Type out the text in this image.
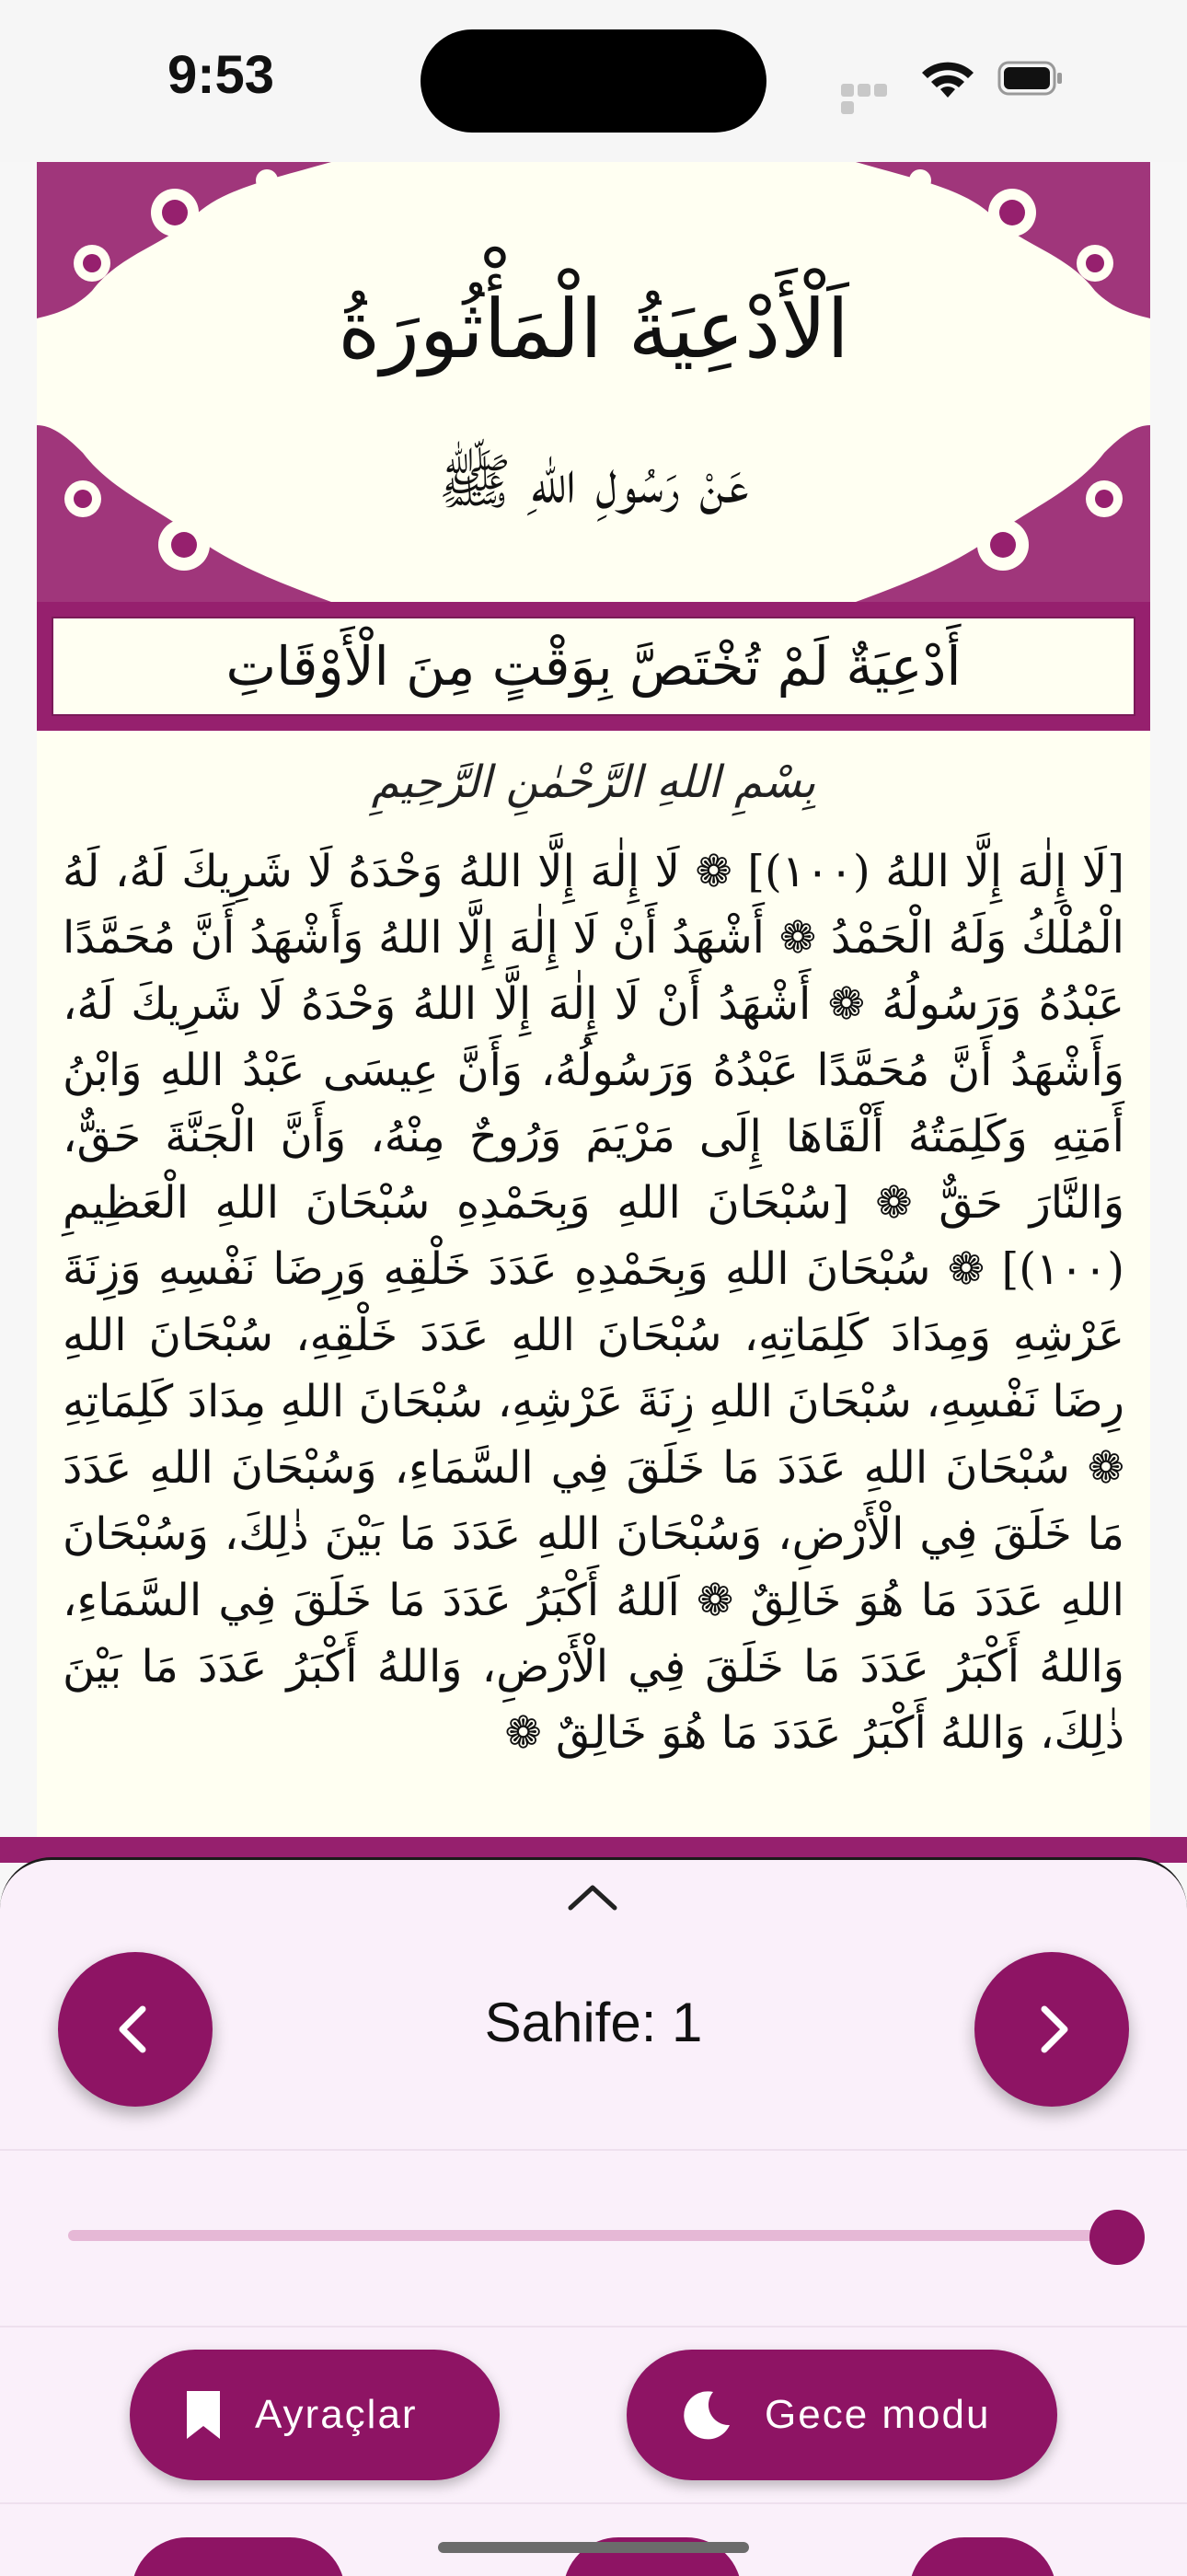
9:53
اَلْأَدْعِيَةُ الْمَأْثُورَةُ
عَنْ رَسُولِ اللهِ ﷺ
أَدْعِيَةٌ لَمْ تُخْتَصَّ بِوَقْتٍ مِنَ الْأَوْقَاتِ
بِسْمِ اللهِ الرَّحْمٰنِ الرَّحِيمِ
[لَا إِلٰهَ إِلَّا اللهُ (١٠٠)] ❁ لَا إِلٰهَ إِلَّا اللهُ وَحْدَهُ لَا شَرِيكَ لَهُ، لَهُ الْمُلْكُ وَلَهُ الْحَمْدُ ❁ أَشْهَدُ أَنْ لَا إِلٰهَ إِلَّا اللهُ وَأَشْهَدُ أَنَّ مُحَمَّدًا عَبْدُهُ وَرَسُولُهُ ❁ أَشْهَدُ أَنْ لَا إِلٰهَ إِلَّا اللهُ وَحْدَهُ لَا شَرِيكَ لَهُ، وَأَشْهَدُ أَنَّ مُحَمَّدًا عَبْدُهُ وَرَسُولُهُ، وَأَنَّ عِيسَى عَبْدُ اللهِ وَابْنُ أَمَتِهِ وَكَلِمَتُهُ أَلْقَاهَا إِلَى مَرْيَمَ وَرُوحٌ مِنْهُ، وَأَنَّ الْجَنَّةَ حَقٌّ، وَالنَّارَ حَقٌّ ❁ [سُبْحَانَ اللهِ وَبِحَمْدِهِ سُبْحَانَ اللهِ الْعَظِيمِ (١٠٠)] ❁ سُبْحَانَ اللهِ وَبِحَمْدِهِ عَدَدَ خَلْقِهِ وَرِضَا نَفْسِهِ وَزِنَةَ عَرْشِهِ وَمِدَادَ كَلِمَاتِهِ، سُبْحَانَ اللهِ عَدَدَ خَلْقِهِ، سُبْحَانَ اللهِ رِضَا نَفْسِهِ، سُبْحَانَ اللهِ زِنَةَ عَرْشِهِ، سُبْحَانَ اللهِ مِدَادَ كَلِمَاتِهِ ❁ سُبْحَانَ اللهِ عَدَدَ مَا خَلَقَ فِي السَّمَاءِ، وَسُبْحَانَ اللهِ عَدَدَ مَا خَلَقَ فِي الْأَرْضِ، وَسُبْحَانَ اللهِ عَدَدَ مَا بَيْنَ ذٰلِكَ، وَسُبْحَانَ اللهِ عَدَدَ مَا هُوَ خَالِقٌ ❁ اَللهُ أَكْبَرُ عَدَدَ مَا خَلَقَ فِي السَّمَاءِ، وَاللهُ أَكْبَرُ عَدَدَ مَا خَلَقَ فِي الْأَرْضِ، وَاللهُ أَكْبَرُ عَدَدَ مَا بَيْنَ ذٰلِكَ، وَاللهُ أَكْبَرُ عَدَدَ مَا هُوَ خَالِقٌ ❁
Sahife: 1
Ayraçlar	Gece modu
